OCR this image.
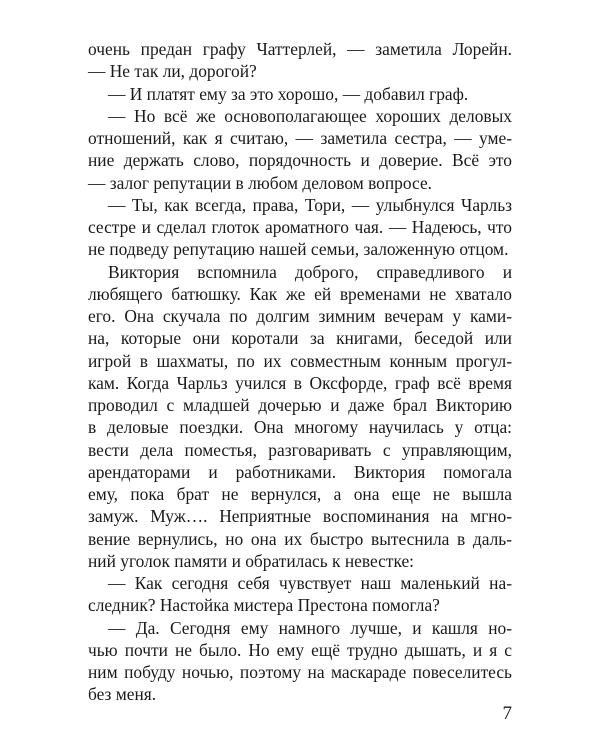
очень предан графу Чаттерлей, — заметила Лорейн.
— Не так ли, дорогой?
— И платят ему за это хорошо, — добавил граф.
— Но всё же основополагающее хороших деловых
отношений, как я считаю, — заметила сестра, — уме-
ние держать слово, порядочность и доверие. Всё это
— залог репутации в любом деловом вопросе.
— Ты, как всегда, права, Тори, — улыбнулся Чарльз
сестре и сделал глоток ароматного чая. — Надеюсь, что
не подведу репутацию нашей семьи, заложенную отцом.
Виктория вспомнила доброго, справедливого и
любящего батюшку. Как же ей временами не хватало
его. Она скучала по долгим зимним вечерам у ками-
на, которые они коротали за книгами, беседой или
игрой в шахматы, по их совместным конным прогул-
кам. Когда Чарльз учился в Оксфорде, граф всё время
проводил с младшей дочерью и даже брал Викторию
в деловые поездки. Она многому научилась у отца:
вести дела поместья, разговаривать с управляющим,
арендаторами и работниками. Виктория помогала
ему, пока брат не вернулся, а она еще не вышла
замуж. Муж…. Неприятные воспоминания на мгно-
вение вернулись, но она их быстро вытеснила в даль-
ний уголок памяти и обратилась к невестке:
— Как сегодня себя чувствует наш маленький на-
следник? Настойка мистера Престона помогла?
— Да. Сегодня ему намного лучше, и кашля но-
чью почти не было. Но ему ещё трудно дышать, и я с
ним побуду ночью, поэтому на маскараде повеселитесь
без меня.
7
